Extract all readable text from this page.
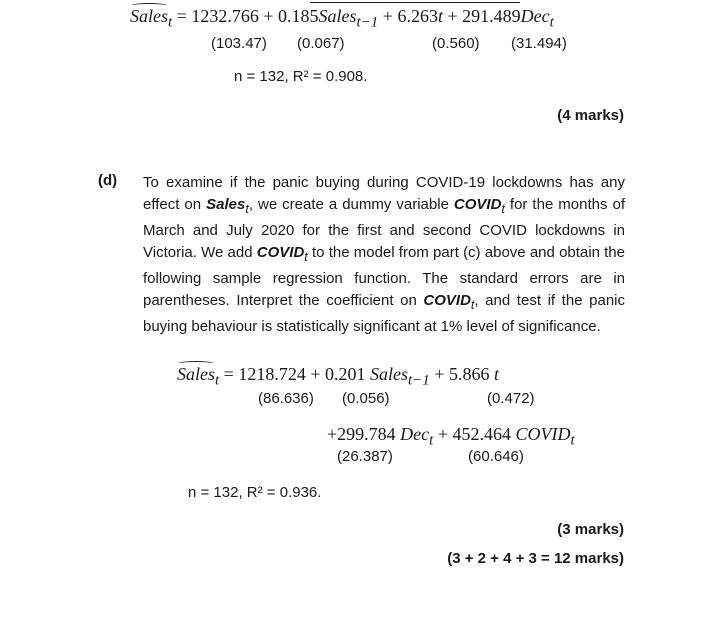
Sales$_t$ = 1232.766 + 0.185Sales$_{t-1}$ + 6.263t + 291.489Dec$_t$
(103.47) (0.067)	(0.560) (31.494)
n = 132, R² = 0.908.
(4 marks)
(d) To examine if the panic buying during COVID-19 lockdowns has any effect on Sales$_t$, we create a dummy variable $COVID_t$ for the months of March and July 2020 for the first and second COVID lockdowns in Victoria. We add $COVID_t$ to the model from part (c) above and obtain the following sample regression function. The standard errors are in parentheses. Interpret the coefficient on $COVID_t$, and test if the panic buying behaviour is statistically significant at 1% level of significance.
Sales$_t$ = 1218.724 + 0.201 Sales$_{t-1}$ + 5.866 t
(86.636) (0.056)	(0.472)
+299.784 Dec$_t$ + 452.464 $COVID_t$
(26.387)	(60.646)
n = 132, R² = 0.936.
(3 marks)
(3 + 2 + 4 + 3 = 12 marks)
